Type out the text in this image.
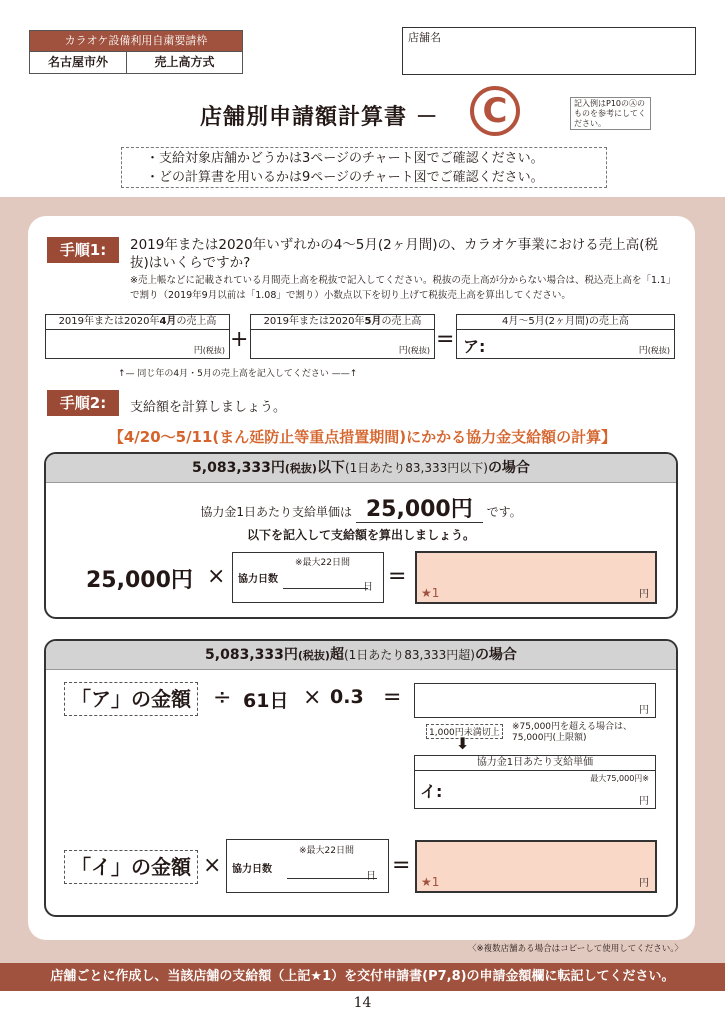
カラオケ設備利用自粛要請枠
名古屋市外	売上高方式
店舗名
店舗別申請額計算書 －	C	記入例はP10のⒶのものを参考にしてください。
・支給対象店舗かどうかは3ページのチャート図でご確認ください。
・どの計算書を用いるかは9ページのチャート図でご確認ください。
手順1:	2019年または2020年いずれかの4～5月(2ヶ月間)の、カラオケ事業における売上高(税抜)はいくらですか?
※売上帳などに記載されている月間売上高を税抜で記入してください。税抜の売上高が分からない場合は、税込売上高を「1.1」で割り（2019年9月以前は「1.08」で割り）小数点以下を切り上げて税抜売上高を算出してください。
2019年または2020年4月の売上高
円(税抜) +
2019年または2020年5月の売上高
円(税抜) =
4月～5月(2ヶ月間)の売上高
ア:	円(税抜)
↑— 同じ年の4月・5月の売上高を記入してください ——↑
手順2:	支給額を計算しましょう。
【4/20～5/11(まん延防止等重点措置期間)にかかる協力金支給額の計算】
5,083,333円(税抜)以下(1日あたり83,333円以下)の場合
協力金1日あたり支給単価は 25,000円 です。
以下を記入して支給額を算出しましょう。
25,000円 ×
※最大22日間
協力日数
日 =
★1	円
5,083,333円(税抜)超(1日あたり83,333円超)の場合
「ア」の金額	÷ 61日 × 0.3 =
円
1,000円未満切上
※75,000円を超える場合は、75,000円(上限額)
⬇
協力金1日あたり支給単価
イ:
最大75,000円※
円
「イ」の金額 ×
※最大22日間
協力日数
日 =
★1	円
〈※複数店舗ある場合はコピーして使用してください。〉
店舗ごとに作成し、当該店舗の支給額（上記★1）を交付申請書(P7,8)の申請金額欄に転記してください。
14
